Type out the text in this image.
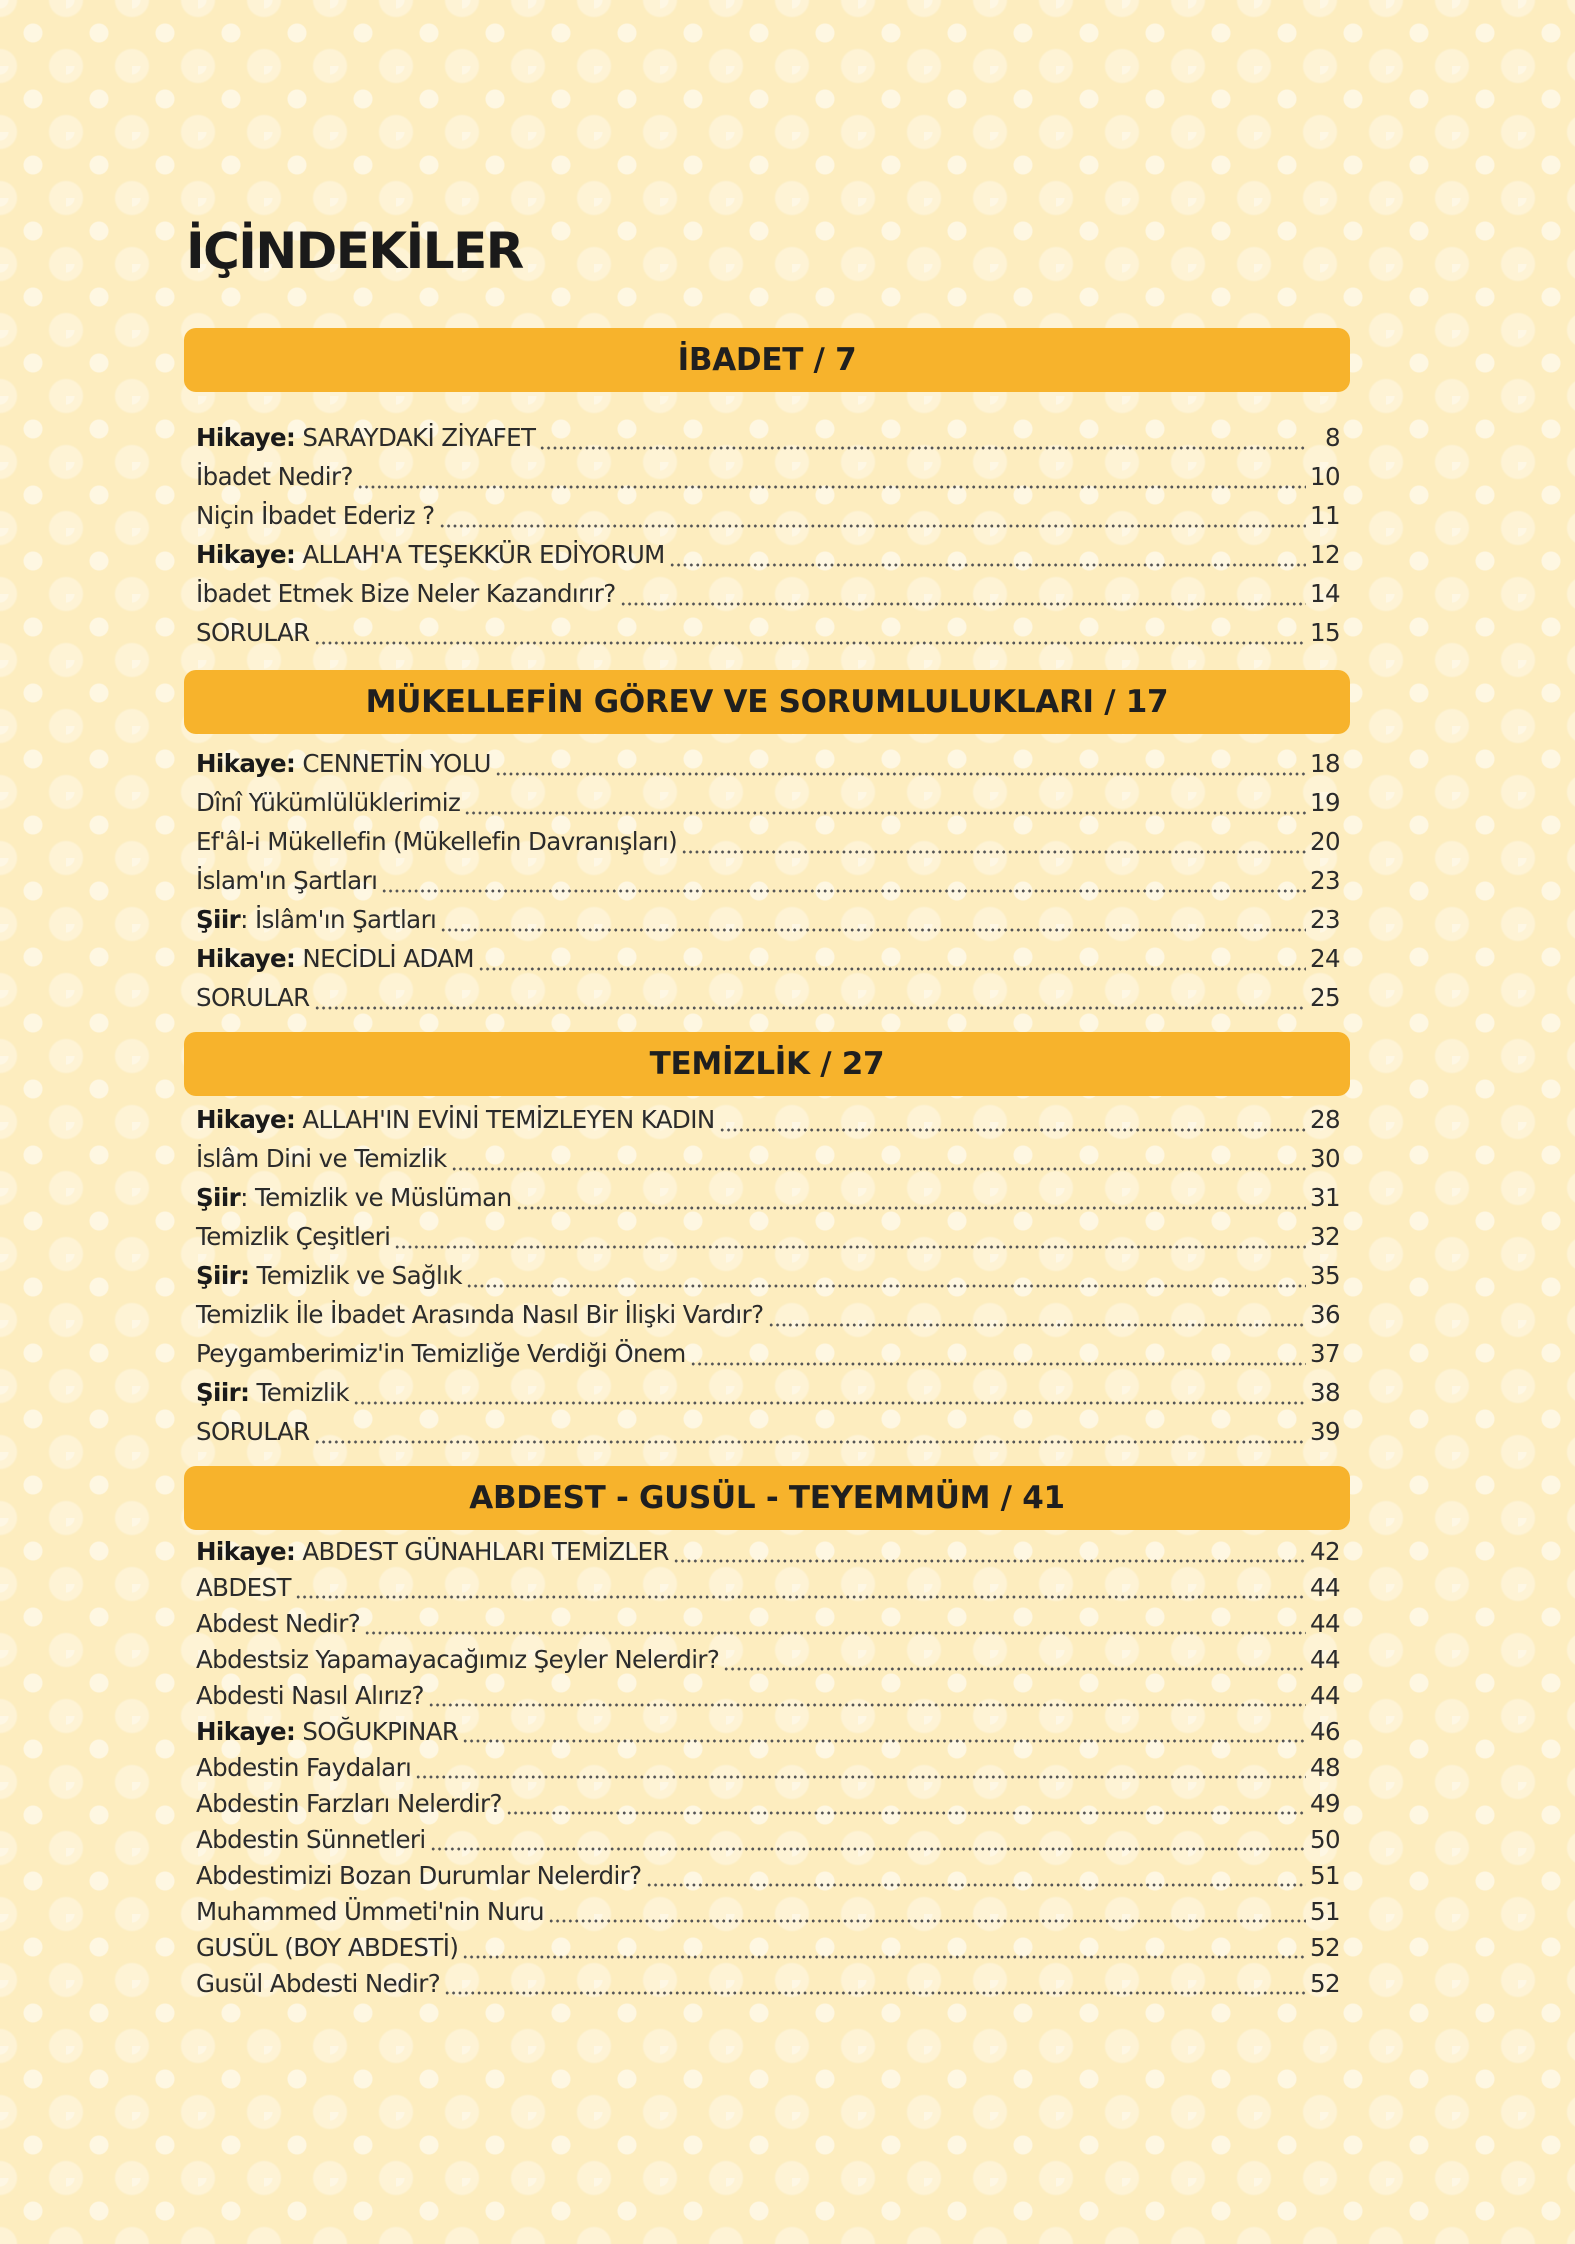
İÇİNDEKİLER
İBADET / 7
Hikaye: SARAYDAKİ ZİYAFET	8
İbadet Nedir?	10
Niçin İbadet Ederiz ?	11
Hikaye: ALLAH'A TEŞEKKÜR EDİYORUM	12
İbadet Etmek Bize Neler Kazandırır?	14
SORULAR	15
MÜKELLEFİN GÖREV VE SORUMLULUKLARI / 17
Hikaye: CENNETİN YOLU	18
Dînî Yükümlülüklerimiz	19
Ef'âl-i Mükellefin (Mükellefin Davranışları)	20
İslam'ın Şartları	23
Şiir: İslâm'ın Şartları	23
Hikaye: NECİDLİ ADAM	24
SORULAR	25
TEMİZLİK / 27
Hikaye: ALLAH'IN EVİNİ TEMİZLEYEN KADIN	28
İslâm Dini ve Temizlik	30
Şiir: Temizlik ve Müslüman	31
Temizlik Çeşitleri	32
Şiir: Temizlik ve Sağlık	35
Temizlik İle İbadet Arasında Nasıl Bir İlişki Vardır?	36
Peygamberimiz'in Temizliğe Verdiği Önem	37
Şiir: Temizlik	38
SORULAR	39
ABDEST - GUSÜL - TEYEMMÜM / 41
Hikaye: ABDEST GÜNAHLARI TEMİZLER	42
ABDEST	44
Abdest Nedir?	44
Abdestsiz Yapamayacağımız Şeyler Nelerdir?	44
Abdesti Nasıl Alırız?	44
Hikaye: SOĞUKPINAR	46
Abdestin Faydaları	48
Abdestin Farzları Nelerdir?	49
Abdestin Sünnetleri	50
Abdestimizi Bozan Durumlar Nelerdir?	51
Muhammed Ümmeti'nin Nuru	51
GUSÜL (BOY ABDESTİ)	52
Gusül Abdesti Nedir?	52
